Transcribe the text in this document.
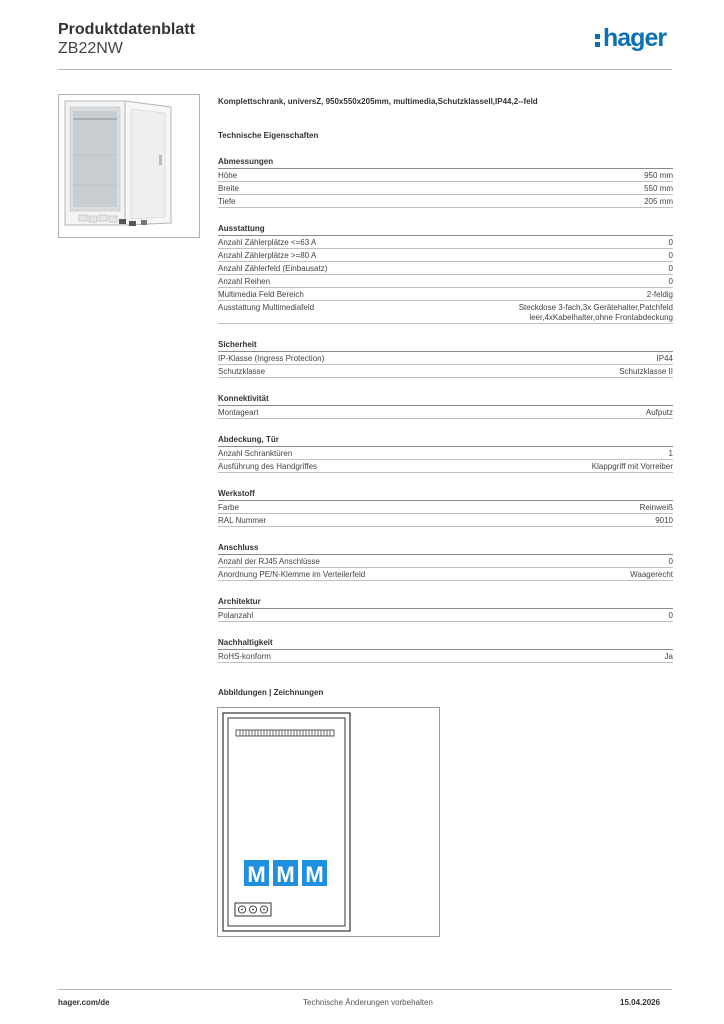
Produktdatenblatt
ZB22NW	hager
Komplettschrank, universZ, 950x550x205mm, multimedia,Schutzklassell,IP44,2--feld
Technische Eigenschaften
Abmessungen
Höhe	950 mm
Breite	550 mm
Tiefe	205 mm
Ausstattung
Anzahl Zählerplätze <=63 A	0
Anzahl Zählerplätze >=80 A	0
Anzahl Zählerfeld (Einbausatz)	0
Anzahl Reihen	0
Multimedia Feld Bereich	2-feldig
Ausstattung Multimediafeld	Steckdose 3-fach,3x Gerätehalter,Patchfeld leer,4xKabelhalter,ohne Frontabdeckung
Sicherheit
IP-Klasse (Ingress Protection)	IP44
Schutzklasse	Schutzklasse II
Konnektivität
Montageart	Aufputz
Abdeckung, Tür
Anzahl Schranktüren	1
Ausführung des Handgriffes	Klappgriff mit Vorreiber
Werkstoff
Farbe	Reinweiß
RAL Nummer	9010
Anschluss
Anzahl der RJ45 Anschlüsse	0
Anordnung PE/N-Klemme im Verteilerfeld	Waagerecht
Architektur
Polanzahl	0
Nachhaltigkeit
RoHS-konform	Ja
Abbildungen | Zeichnungen
M M M
hager.com/de	Technische Änderungen vorbehalten	15.04.2026
